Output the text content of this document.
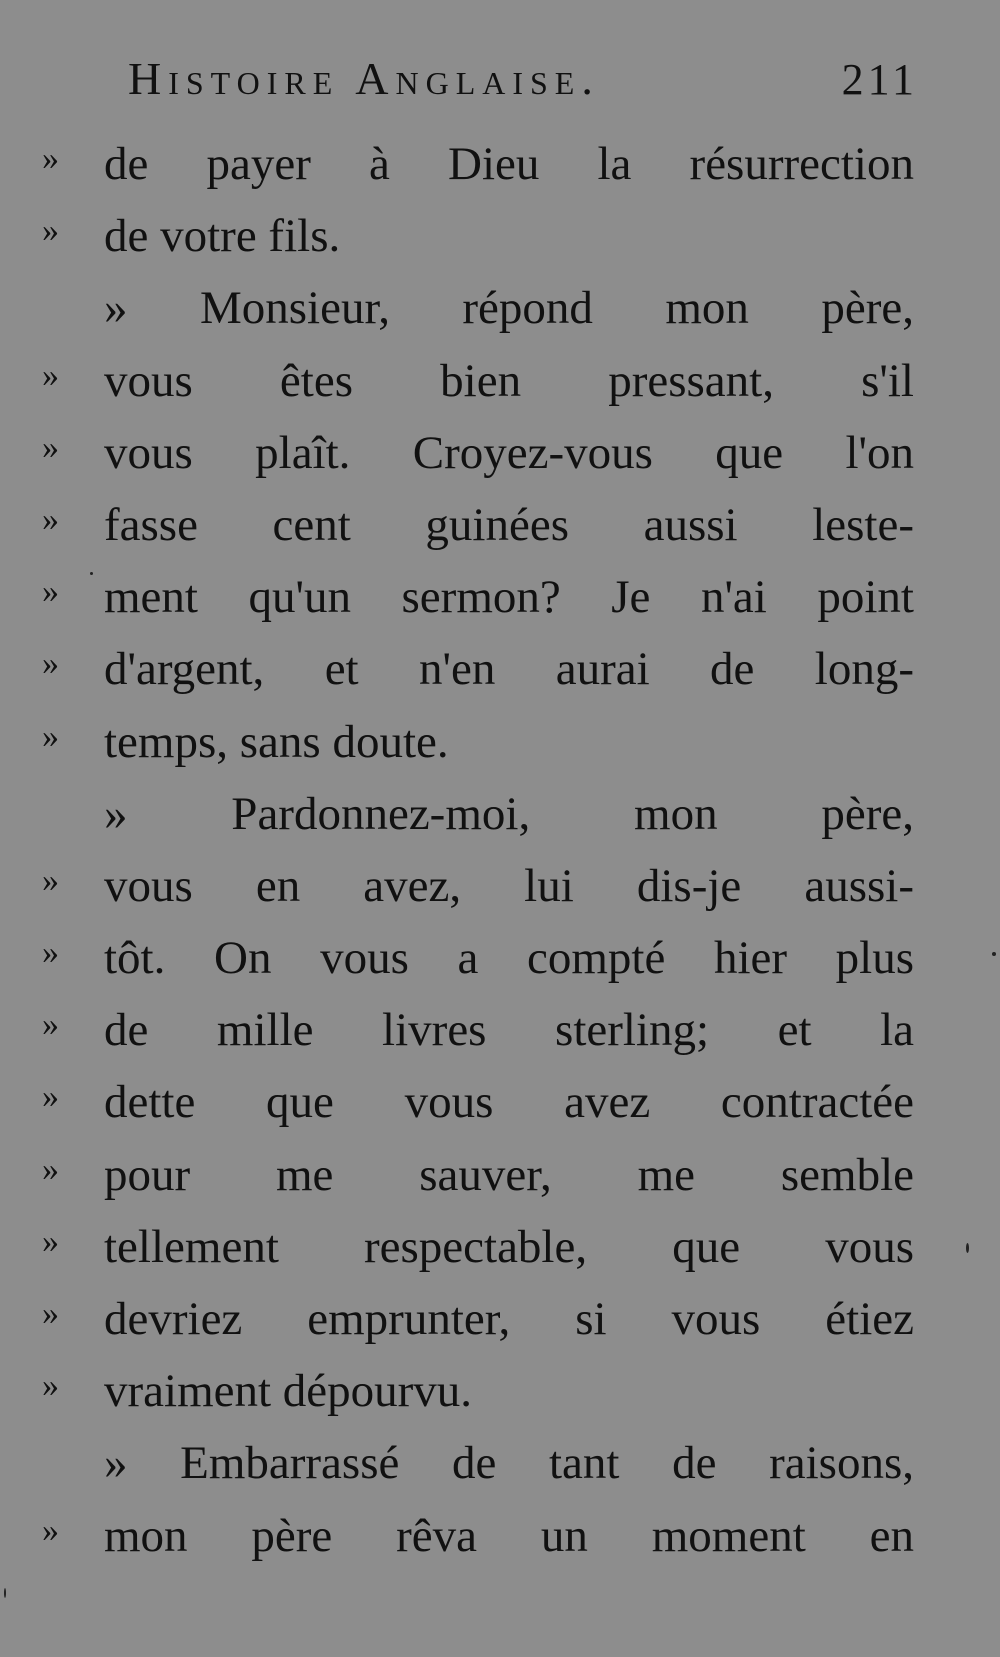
Histoire Anglaise.	211
» de payer à Dieu la résurrection
» de votre fils.
» Monsieur, répond mon père,
» vous êtes bien pressant, s'il
» vous plaît. Croyez-vous que l'on
» fasse cent guinées aussi leste-
» ment qu'un sermon? Je n'ai point
» d'argent, et n'en aurai de long-
» temps, sans doute.
» Pardonnez-moi, mon père,
» vous en avez, lui dis-je aussi-
» tôt. On vous a compté hier plus
» de mille livres sterling; et la
» dette que vous avez contractée
» pour me sauver, me semble
» tellement respectable, que vous
» devriez emprunter, si vous étiez
» vraiment dépourvu.
» Embarrassé de tant de raisons,
» mon père rêva un moment en
